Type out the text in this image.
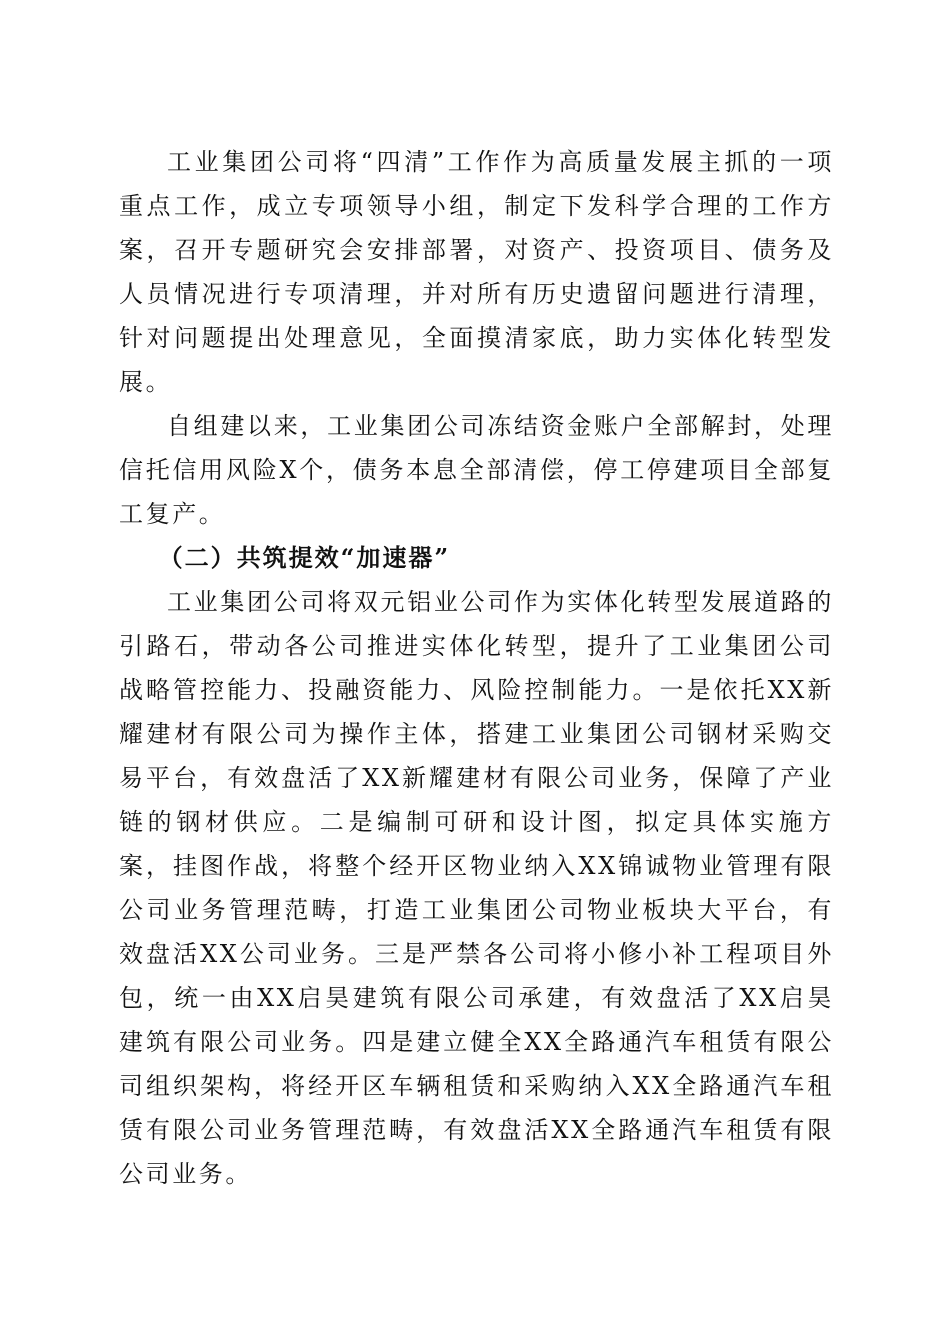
工业集团公司将“四清”工作作为高质量发展主抓的一项重点工作，成立专项领导小组，制定下发科学合理的工作方案，召开专题研究会安排部署，对资产、投资项目、债务及人员情况进行专项清理，并对所有历史遗留问题进行清理，针对问题提出处理意见，全面摸清家底，助力实体化转型发展。

自组建以来，工业集团公司冻结资金账户全部解封，处理信托信用风险X个，债务本息全部清偿，停工停建项目全部复工复产。

（二）共筑提效“加速器”

工业集团公司将双元铝业公司作为实体化转型发展道路的引路石，带动各公司推进实体化转型，提升了工业集团公司战略管控能力、投融资能力、风险控制能力。一是依托XX新耀建材有限公司为操作主体，搭建工业集团公司钢材采购交易平台，有效盘活了XX新耀建材有限公司业务，保障了产业链的钢材供应。二是编制可研和设计图，拟定具体实施方案，挂图作战，将整个经开区物业纳入XX锦诚物业管理有限公司业务管理范畴，打造工业集团公司物业板块大平台，有效盘活XX公司业务。三是严禁各公司将小修小补工程项目外包，统一由XX启昊建筑有限公司承建，有效盘活了XX启昊建筑有限公司业务。四是建立健全XX全路通汽车租赁有限公司组织架构，将经开区车辆租赁和采购纳入XX全路通汽车租赁有限公司业务管理范畴，有效盘活XX全路通汽车租赁有限公司业务。
